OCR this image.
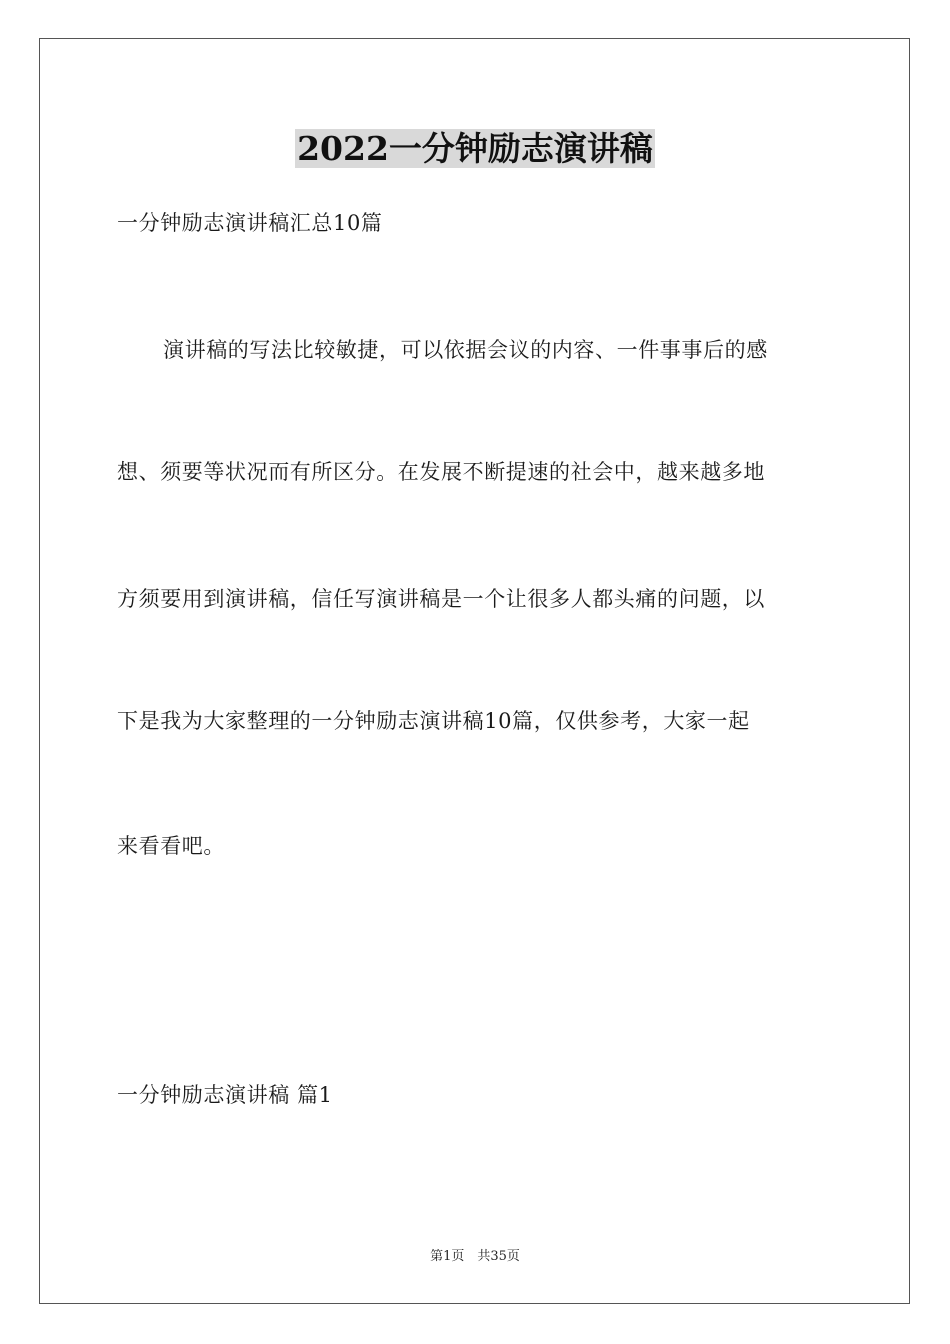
2022一分钟励志演讲稿
一分钟励志演讲稿汇总10篇
演讲稿的写法比较敏捷，可以依据会议的内容、一件事事后的感
想、须要等状况而有所区分。在发展不断提速的社会中，越来越多地
方须要用到演讲稿，信任写演讲稿是一个让很多人都头痛的问题，以
下是我为大家整理的一分钟励志演讲稿10篇，仅供参考，大家一起
来看看吧。
一分钟励志演讲稿 篇1
第1页　共35页
